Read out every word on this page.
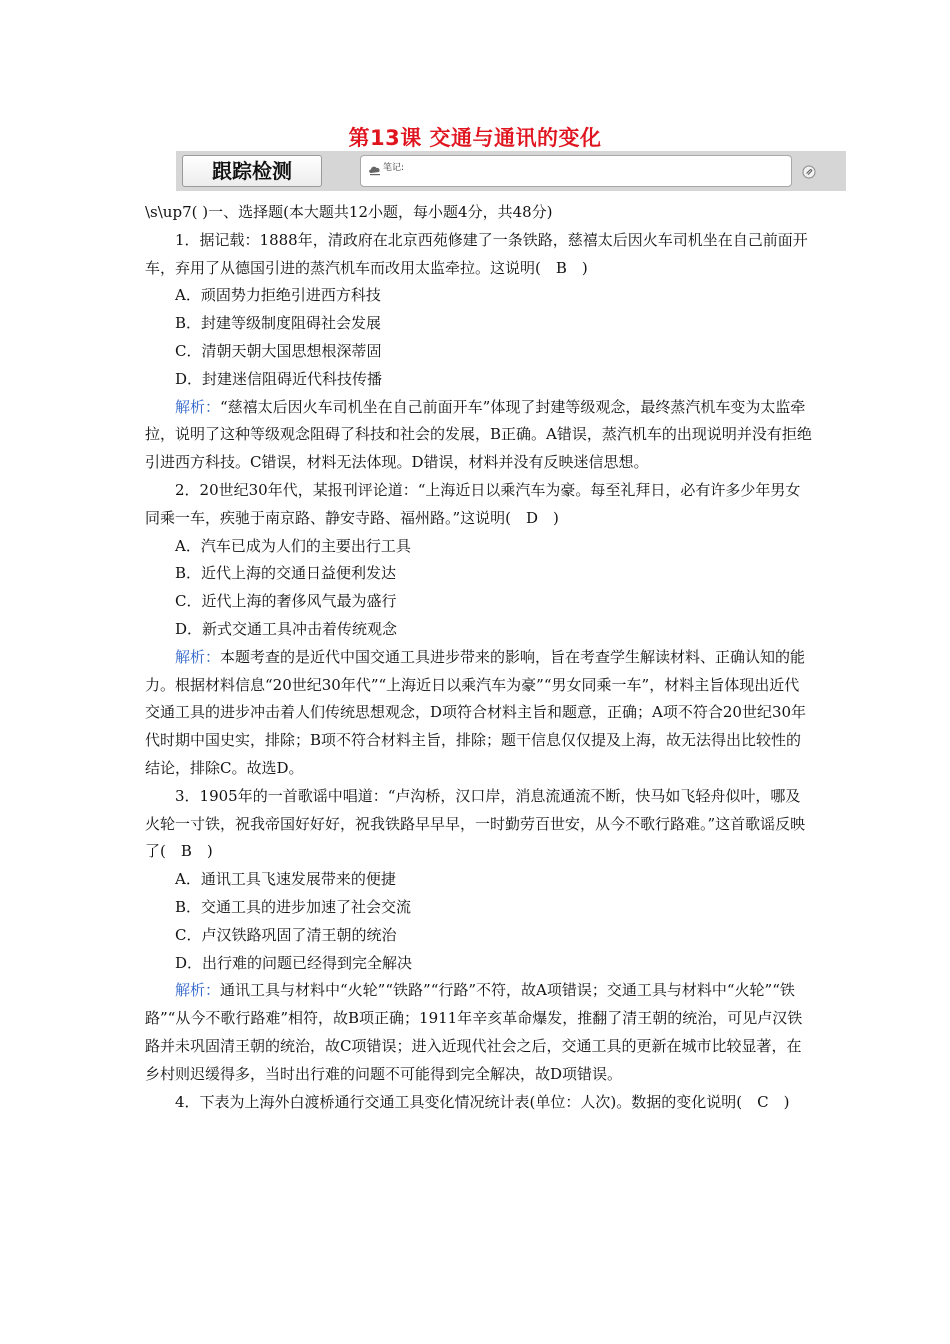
第13课 交通与通讯的变化
跟踪检测	笔记:

\s\up7( )一、选择题(本大题共12小题，每小题4分，共48分)

1．据记载：1888年，清政府在北京西苑修建了一条铁路，慈禧太后因火车司机坐在自己前面开车，弃用了从德国引进的蒸汽机车而改用太监牵拉。这说明(　B　)

A．顽固势力拒绝引进西方科技

B．封建等级制度阻碍社会发展

C．清朝天朝大国思想根深蒂固

D．封建迷信阻碍近代科技传播

解析：“慈禧太后因火车司机坐在自己前面开车”体现了封建等级观念，最终蒸汽机车变为太监牵拉，说明了这种等级观念阻碍了科技和社会的发展，B正确。A错误，蒸汽机车的出现说明并没有拒绝引进西方科技。C错误，材料无法体现。D错误，材料并没有反映迷信思想。

2．20世纪30年代，某报刊评论道：“上海近日以乘汽车为豪。每至礼拜日，必有许多少年男女同乘一车，疾驰于南京路、静安寺路、福州路。”这说明(　D　)

A．汽车已成为人们的主要出行工具

B．近代上海的交通日益便利发达

C．近代上海的奢侈风气最为盛行

D．新式交通工具冲击着传统观念

解析：本题考查的是近代中国交通工具进步带来的影响，旨在考查学生解读材料、正确认知的能力。根据材料信息“20世纪30年代”“上海近日以乘汽车为豪”“男女同乘一车”，材料主旨体现出近代交通工具的进步冲击着人们传统思想观念，D项符合材料主旨和题意，正确；A项不符合20世纪30年代时期中国史实，排除；B项不符合材料主旨，排除；题干信息仅仅提及上海，故无法得出比较性的结论，排除C。故选D。

3．1905年的一首歌谣中唱道：“卢沟桥，汉口岸，消息流通流不断，快马如飞轻舟似叶，哪及火轮一寸铁，祝我帝国好好好，祝我铁路早早早，一时勤劳百世安，从今不歌行路难。”这首歌谣反映了(　B　)

A．通讯工具飞速发展带来的便捷

B．交通工具的进步加速了社会交流

C．卢汉铁路巩固了清王朝的统治

D．出行难的问题已经得到完全解决

解析：通讯工具与材料中“火轮”“铁路”“行路”不符，故A项错误；交通工具与材料中“火轮”“铁路”“从今不歌行路难”相符，故B项正确；1911年辛亥革命爆发，推翻了清王朝的统治，可见卢汉铁路并未巩固清王朝的统治，故C项错误；进入近现代社会之后，交通工具的更新在城市比较显著，在乡村则迟缓得多，当时出行难的问题不可能得到完全解决，故D项错误。

4．下表为上海外白渡桥通行交通工具变化情况统计表(单位：人次)。数据的变化说明(　C　)
